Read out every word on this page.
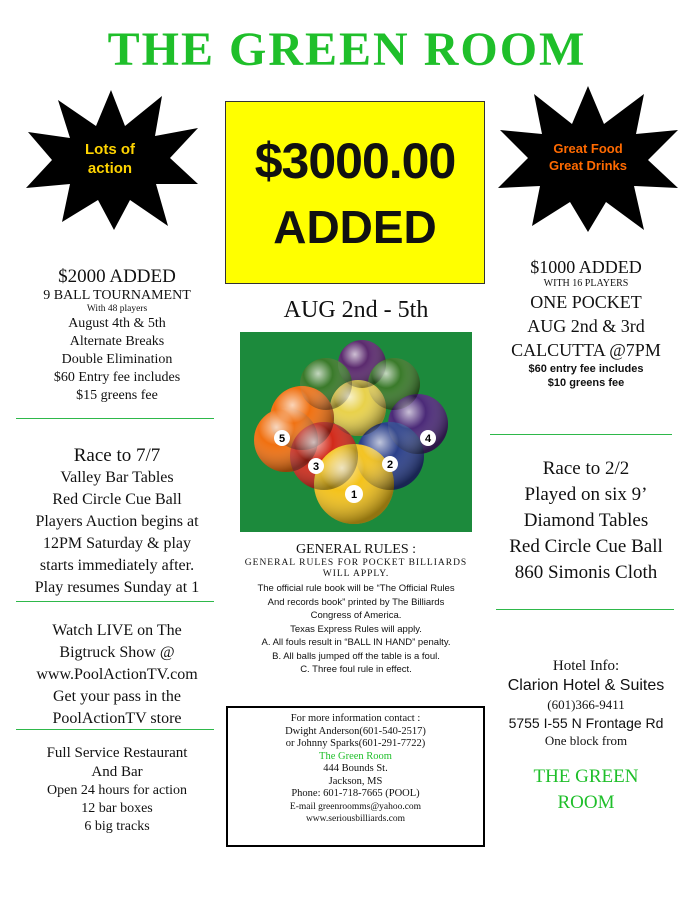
THE GREEN ROOM
Lots of
action
Great Food
Great Drinks
$3000.00
ADDED
AUG 2nd - 5th
1
2
3
4
5
GENERAL RULES :
GENERAL RULES FOR POCKET BILLIARDS
WILL APPLY.
The official rule book will be “The Official Rules
And records book” printed by The Billiards
Congress of America.
Texas Express Rules will apply.
A. All fouls result in “BALL IN HAND” penalty.
B. All balls jumped off the table is a foul.
C. Three foul rule in effect.
For more information contact :
Dwight Anderson(601-540-2517)
or Johnny Sparks(601-291-7722)
The Green Room
444 Bounds St.
Jackson, MS
Phone: 601-718-7665 (POOL)
E-mail greenroomms@yahoo.com
www.seriousbilliards.com
$2000 ADDED
9 BALL TOURNAMENT
With 48 players
August 4th & 5th
Alternate Breaks
Double Elimination
$60 Entry fee includes
$15 greens fee
Race to 7/7
Valley Bar Tables
Red Circle Cue Ball
Players Auction begins at
12PM Saturday & play
starts immediately after.
Play resumes Sunday at 1
Watch LIVE on The
Bigtruck Show @
www.PoolActionTV.com
Get your pass in the
PoolActionTV store
Full Service Restaurant
And Bar
Open 24 hours for action
12 bar boxes
6 big tracks
$1000 ADDED
WITH 16 PLAYERS
ONE POCKET
AUG 2nd & 3rd
CALCUTTA @7PM
$60 entry fee includes
$10 greens fee
Race to 2/2
Played on six 9’
Diamond Tables
Red Circle Cue Ball
860 Simonis Cloth
Hotel Info:
Clarion Hotel & Suites
(601)366-9411
5755 I-55 N Frontage Rd
One block from
THE GREEN
ROOM
